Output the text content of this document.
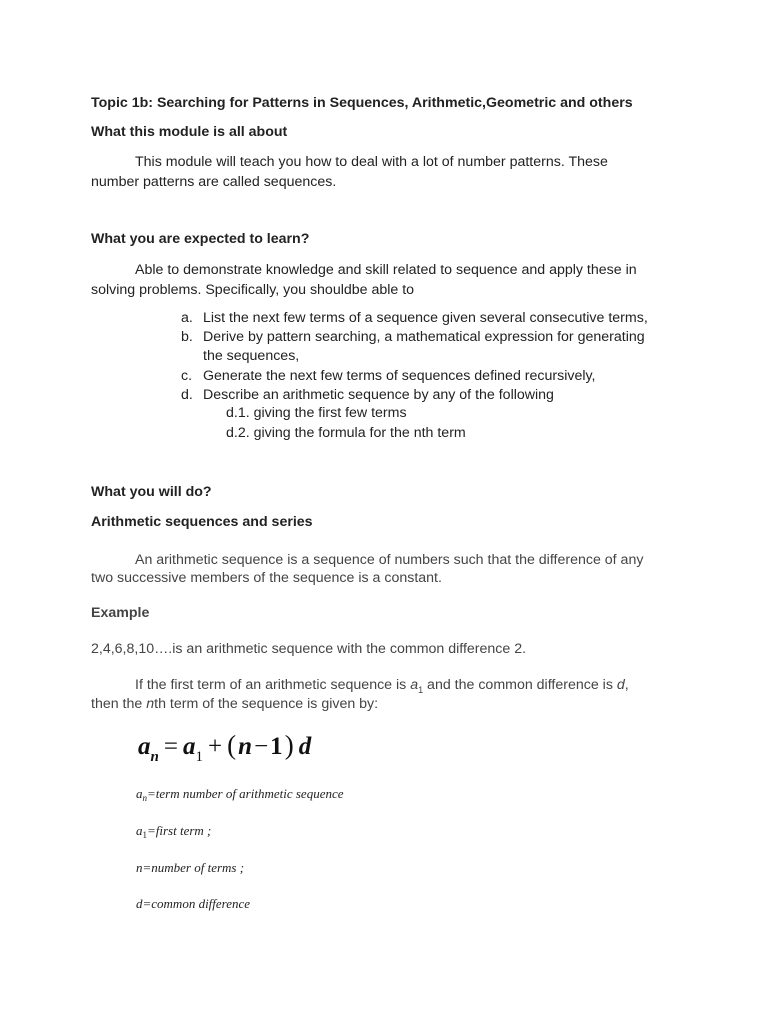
Topic 1b: Searching for Patterns in Sequences, Arithmetic,Geometric and others
What this module is all about
This module will teach you how to deal with a lot of number patterns. These
number patterns are called sequences.
What you are expected to learn?
Able to demonstrate knowledge and skill related to sequence and apply these in
solving problems. Specifically, you shouldbe able to
a. List the next few terms of a sequence given several consecutive terms,
b. Derive by pattern searching, a mathematical expression for generating
the sequences,
c. Generate the next few terms of sequences defined recursively,
d. Describe an arithmetic sequence by any of the following
d.1. giving the first few terms
d.2. giving the formula for the nth term
What you will do?
Arithmetic sequences and series
An arithmetic sequence is a sequence of numbers such that the difference of any
two successive members of the sequence is a constant.
Example
2,4,6,8,10….is an arithmetic sequence with the common difference 2.
If the first term of an arithmetic sequence is $a_1$ and the common difference is d,
then the nth term of the sequence is given by:
$a_n = a_1$ + ( n−1 )  d
$a_n=term$ number of arithmetic sequence
$a_1=first$ term ;
n=number of terms ;
d=common difference
